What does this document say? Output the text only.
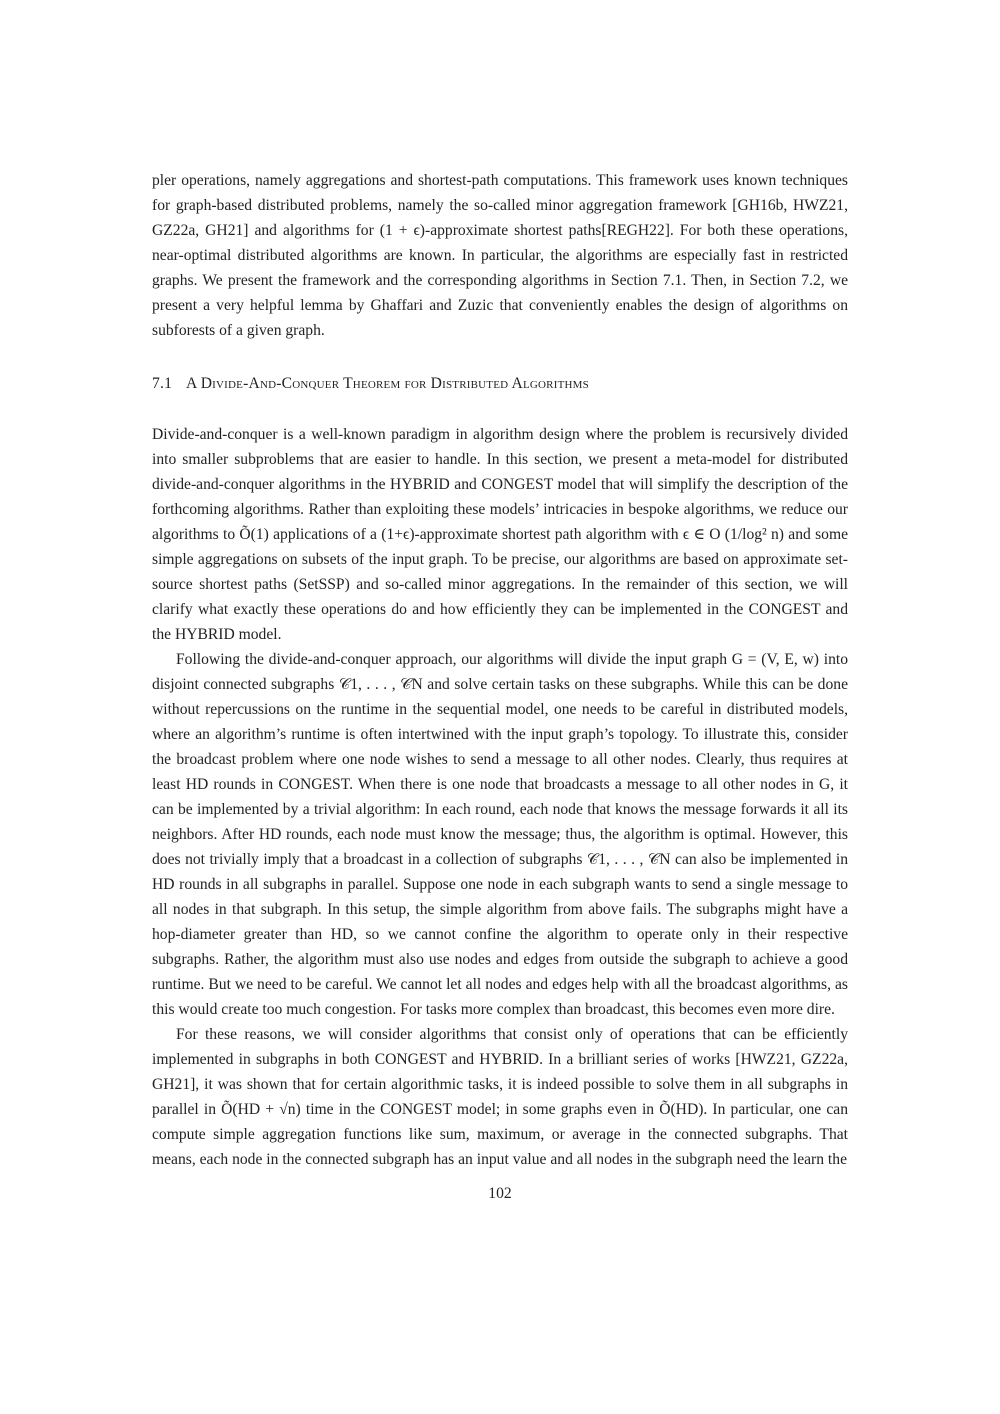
pler operations, namely aggregations and shortest-path computations. This framework uses known techniques for graph-based distributed problems, namely the so-called minor aggregation framework [GH16b, HWZ21, GZ22a, GH21] and algorithms for (1 + ϵ)-approximate shortest paths[REGH22]. For both these operations, near-optimal distributed algorithms are known. In particular, the algorithms are especially fast in restricted graphs. We present the framework and the corresponding algorithms in Section 7.1. Then, in Section 7.2, we present a very helpful lemma by Ghaffari and Zuzic that conveniently enables the design of algorithms on subforests of a given graph.

7.1 A Divide-And-Conquer Theorem for Distributed Algorithms

Divide-and-conquer is a well-known paradigm in algorithm design where the problem is recursively divided into smaller subproblems that are easier to handle. In this section, we present a meta-model for distributed divide-and-conquer algorithms in the HYBRID and CONGEST model that will simplify the description of the forthcoming algorithms. Rather than exploiting these models’ intricacies in bespoke algorithms, we reduce our algorithms to Õ(1) applications of a (1+ϵ)-approximate shortest path algorithm with ϵ ∈ O (1/log² n) and some simple aggregations on subsets of the input graph. To be precise, our algorithms are based on approximate set-source shortest paths (SetSSP) and so-called minor aggregations. In the remainder of this section, we will clarify what exactly these operations do and how efficiently they can be implemented in the CONGEST and the HYBRID model.

Following the divide-and-conquer approach, our algorithms will divide the input graph G = (V, E, w) into disjoint connected subgraphs 𝒞1, . . . , 𝒞N and solve certain tasks on these subgraphs. While this can be done without repercussions on the runtime in the sequential model, one needs to be careful in distributed models, where an algorithm’s runtime is often intertwined with the input graph’s topology. To illustrate this, consider the broadcast problem where one node wishes to send a message to all other nodes. Clearly, thus requires at least HD rounds in CONGEST. When there is one node that broadcasts a message to all other nodes in G, it can be implemented by a trivial algorithm: In each round, each node that knows the message forwards it all its neighbors. After HD rounds, each node must know the message; thus, the algorithm is optimal. However, this does not trivially imply that a broadcast in a collection of subgraphs 𝒞1, . . . , 𝒞N can also be implemented in HD rounds in all subgraphs in parallel. Suppose one node in each subgraph wants to send a single message to all nodes in that subgraph. In this setup, the simple algorithm from above fails. The subgraphs might have a hop-diameter greater than HD, so we cannot confine the algorithm to operate only in their respective subgraphs. Rather, the algorithm must also use nodes and edges from outside the subgraph to achieve a good runtime. But we need to be careful. We cannot let all nodes and edges help with all the broadcast algorithms, as this would create too much congestion. For tasks more complex than broadcast, this becomes even more dire.

For these reasons, we will consider algorithms that consist only of operations that can be efficiently implemented in subgraphs in both CONGEST and HYBRID. In a brilliant series of works [HWZ21, GZ22a, GH21], it was shown that for certain algorithmic tasks, it is indeed possible to solve them in all subgraphs in parallel in Õ(HD + √n) time in the CONGEST model; in some graphs even in Õ(HD). In particular, one can compute simple aggregation functions like sum, maximum, or average in the connected subgraphs. That means, each node in the connected subgraph has an input value and all nodes in the subgraph need the learn the

102
